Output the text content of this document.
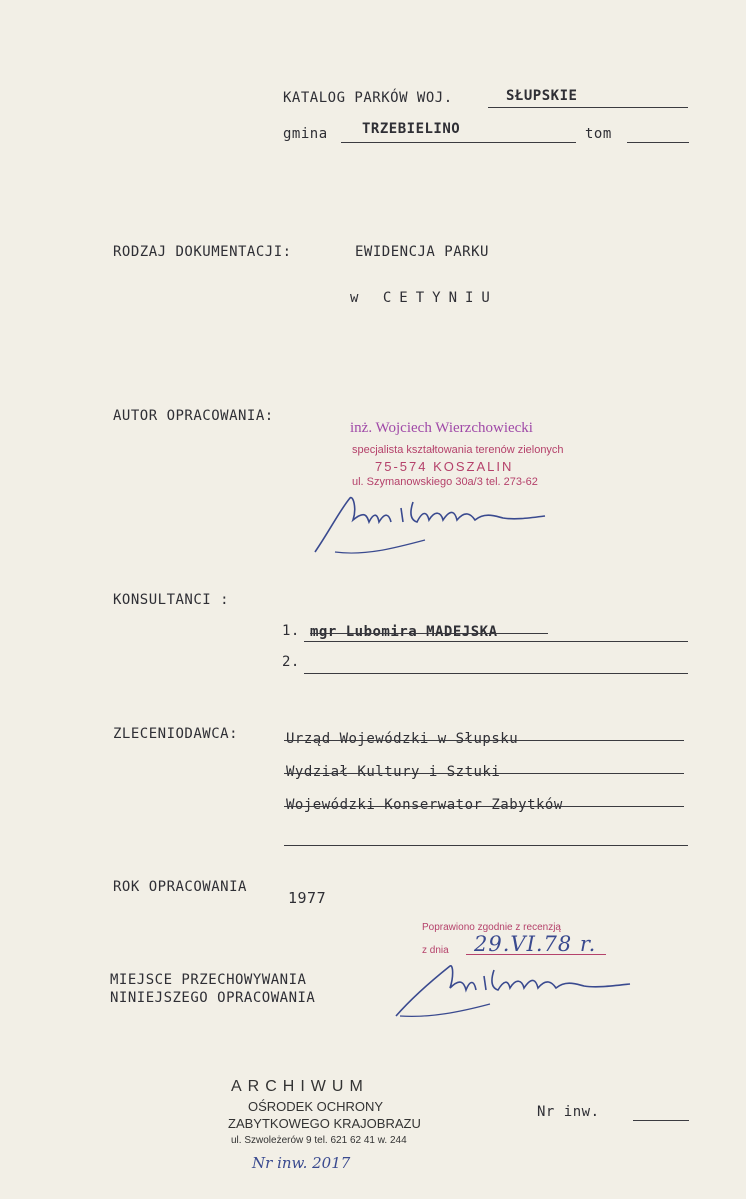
KATALOG PARKÓW WOJ.	SŁUPSKIE
gmina TRZEBIELINO	tom
RODZAJ DOKUMENTACJI:	EWIDENCJA PARKU
w CETYNIU
AUTOR OPRACOWANIA:
inż. Wojciech Wierzchowiecki
specjalista kształtowania terenów zielonych
75-574 KOSZALIN
ul. Szymanowskiego 30a/3 tel. 273-62
KONSULTANCI :
1. mgr Lubomira MADEJSKA
2.
ZLECENIODAWCA:	Urząd Wojewódzki w Słupsku
Wydział Kultury i Sztuki
Wojewódzki Konserwator Zabytków
ROK OPRACOWANIA
1977
Poprawiono zgodnie z recenzją
z dnia 29.VI.78 r.
MIEJSCE PRZECHOWYWANIA
NINIEJSZEGO OPRACOWANIA
ARCHIWUM
OŚRODEK OCHRONY
ZABYTKOWEGO KRAJOBRAZU
ul. Szwoleżerów 9 tel. 621 62 41 w. 244
Nr inw. 2017
Nr inw.
